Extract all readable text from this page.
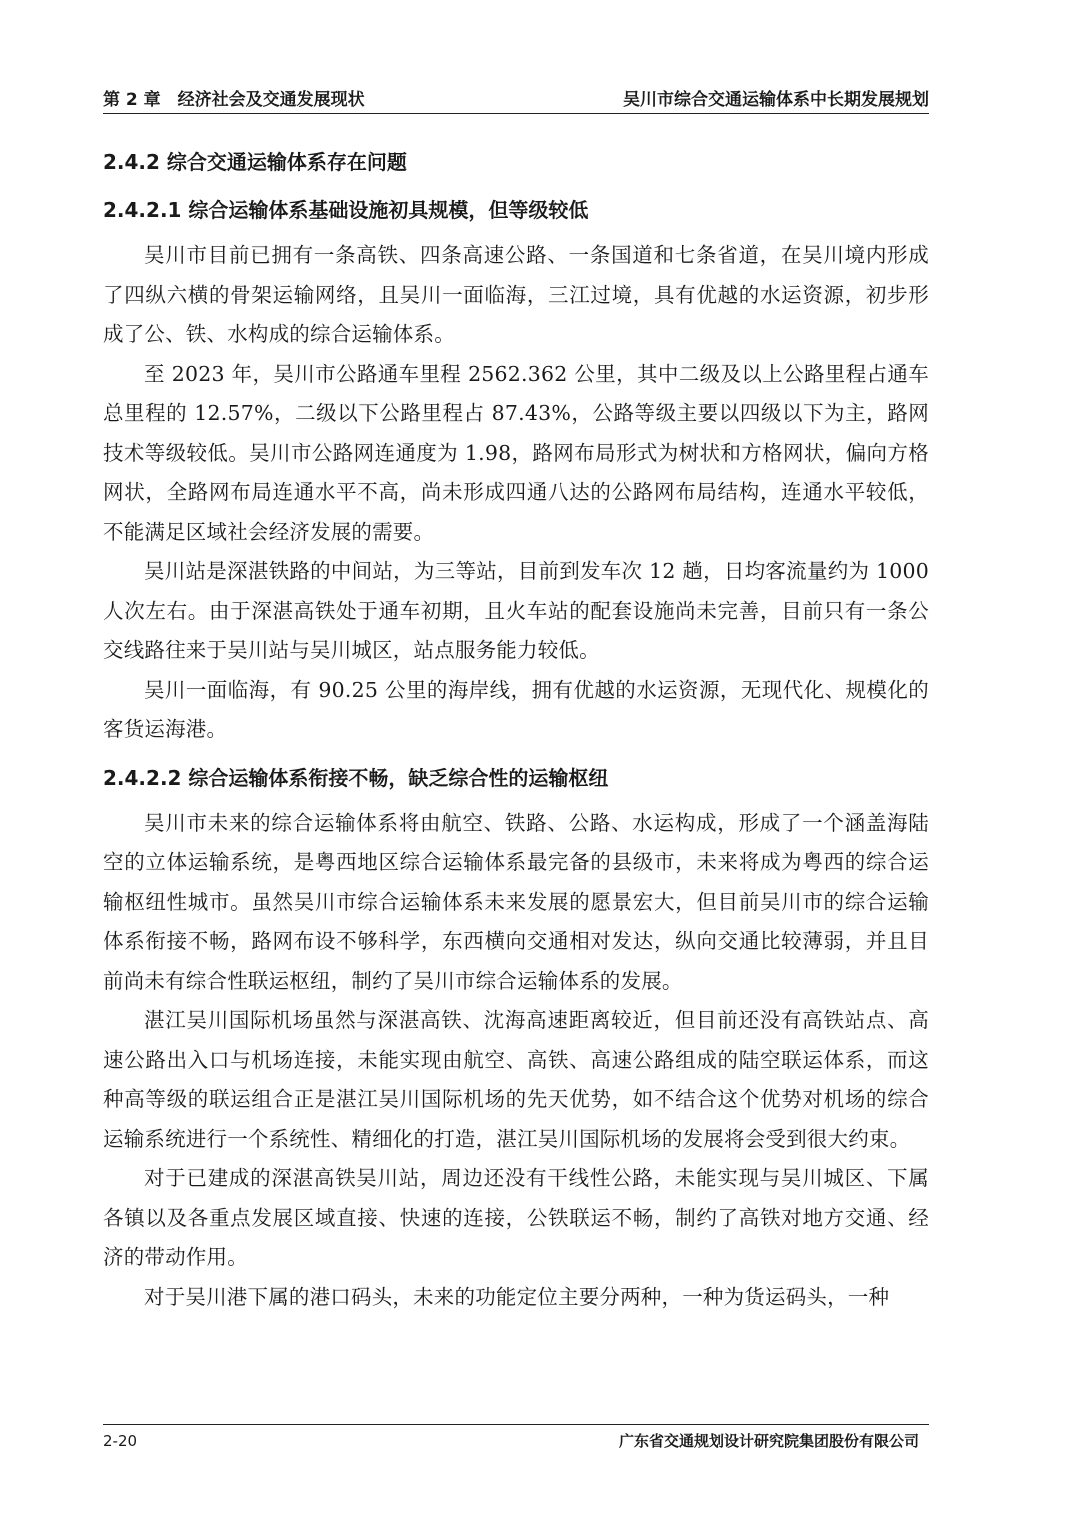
第 2 章　经济社会及交通发展现状	吴川市综合交通运输体系中长期发展规划

2.4.2 综合交通运输体系存在问题

2.4.2.1 综合运输体系基础设施初具规模，但等级较低

吴川市目前已拥有一条高铁、四条高速公路、一条国道和七条省道，在吴川境内形成了四纵六横的骨架运输网络，且吴川一面临海，三江过境，具有优越的水运资源，初步形成了公、铁、水构成的综合运输体系。

至 2023 年，吴川市公路通车里程 2562.362 公里，其中二级及以上公路里程占通车总里程的 12.57%，二级以下公路里程占 87.43%，公路等级主要以四级以下为主，路网技术等级较低。吴川市公路网连通度为 1.98，路网布局形式为树状和方格网状，偏向方格网状，全路网布局连通水平不高，尚未形成四通八达的公路网布局结构，连通水平较低，不能满足区域社会经济发展的需要。

吴川站是深湛铁路的中间站，为三等站，目前到发车次 12 趟，日均客流量约为 1000 人次左右。由于深湛高铁处于通车初期，且火车站的配套设施尚未完善，目前只有一条公交线路往来于吴川站与吴川城区，站点服务能力较低。

吴川一面临海，有 90.25 公里的海岸线，拥有优越的水运资源，无现代化、规模化的客货运海港。

2.4.2.2 综合运输体系衔接不畅，缺乏综合性的运输枢纽

吴川市未来的综合运输体系将由航空、铁路、公路、水运构成，形成了一个涵盖海陆空的立体运输系统，是粤西地区综合运输体系最完备的县级市，未来将成为粤西的综合运输枢纽性城市。虽然吴川市综合运输体系未来发展的愿景宏大，但目前吴川市的综合运输体系衔接不畅，路网布设不够科学，东西横向交通相对发达，纵向交通比较薄弱，并且目前尚未有综合性联运枢纽，制约了吴川市综合运输体系的发展。

湛江吴川国际机场虽然与深湛高铁、沈海高速距离较近，但目前还没有高铁站点、高速公路出入口与机场连接，未能实现由航空、高铁、高速公路组成的陆空联运体系，而这种高等级的联运组合正是湛江吴川国际机场的先天优势，如不结合这个优势对机场的综合运输系统进行一个系统性、精细化的打造，湛江吴川国际机场的发展将会受到很大约束。

对于已建成的深湛高铁吴川站，周边还没有干线性公路，未能实现与吴川城区、下属各镇以及各重点发展区域直接、快速的连接，公铁联运不畅，制约了高铁对地方交通、经济的带动作用。

对于吴川港下属的港口码头，未来的功能定位主要分两种，一种为货运码头，一种

2-20	广东省交通规划设计研究院集团股份有限公司
